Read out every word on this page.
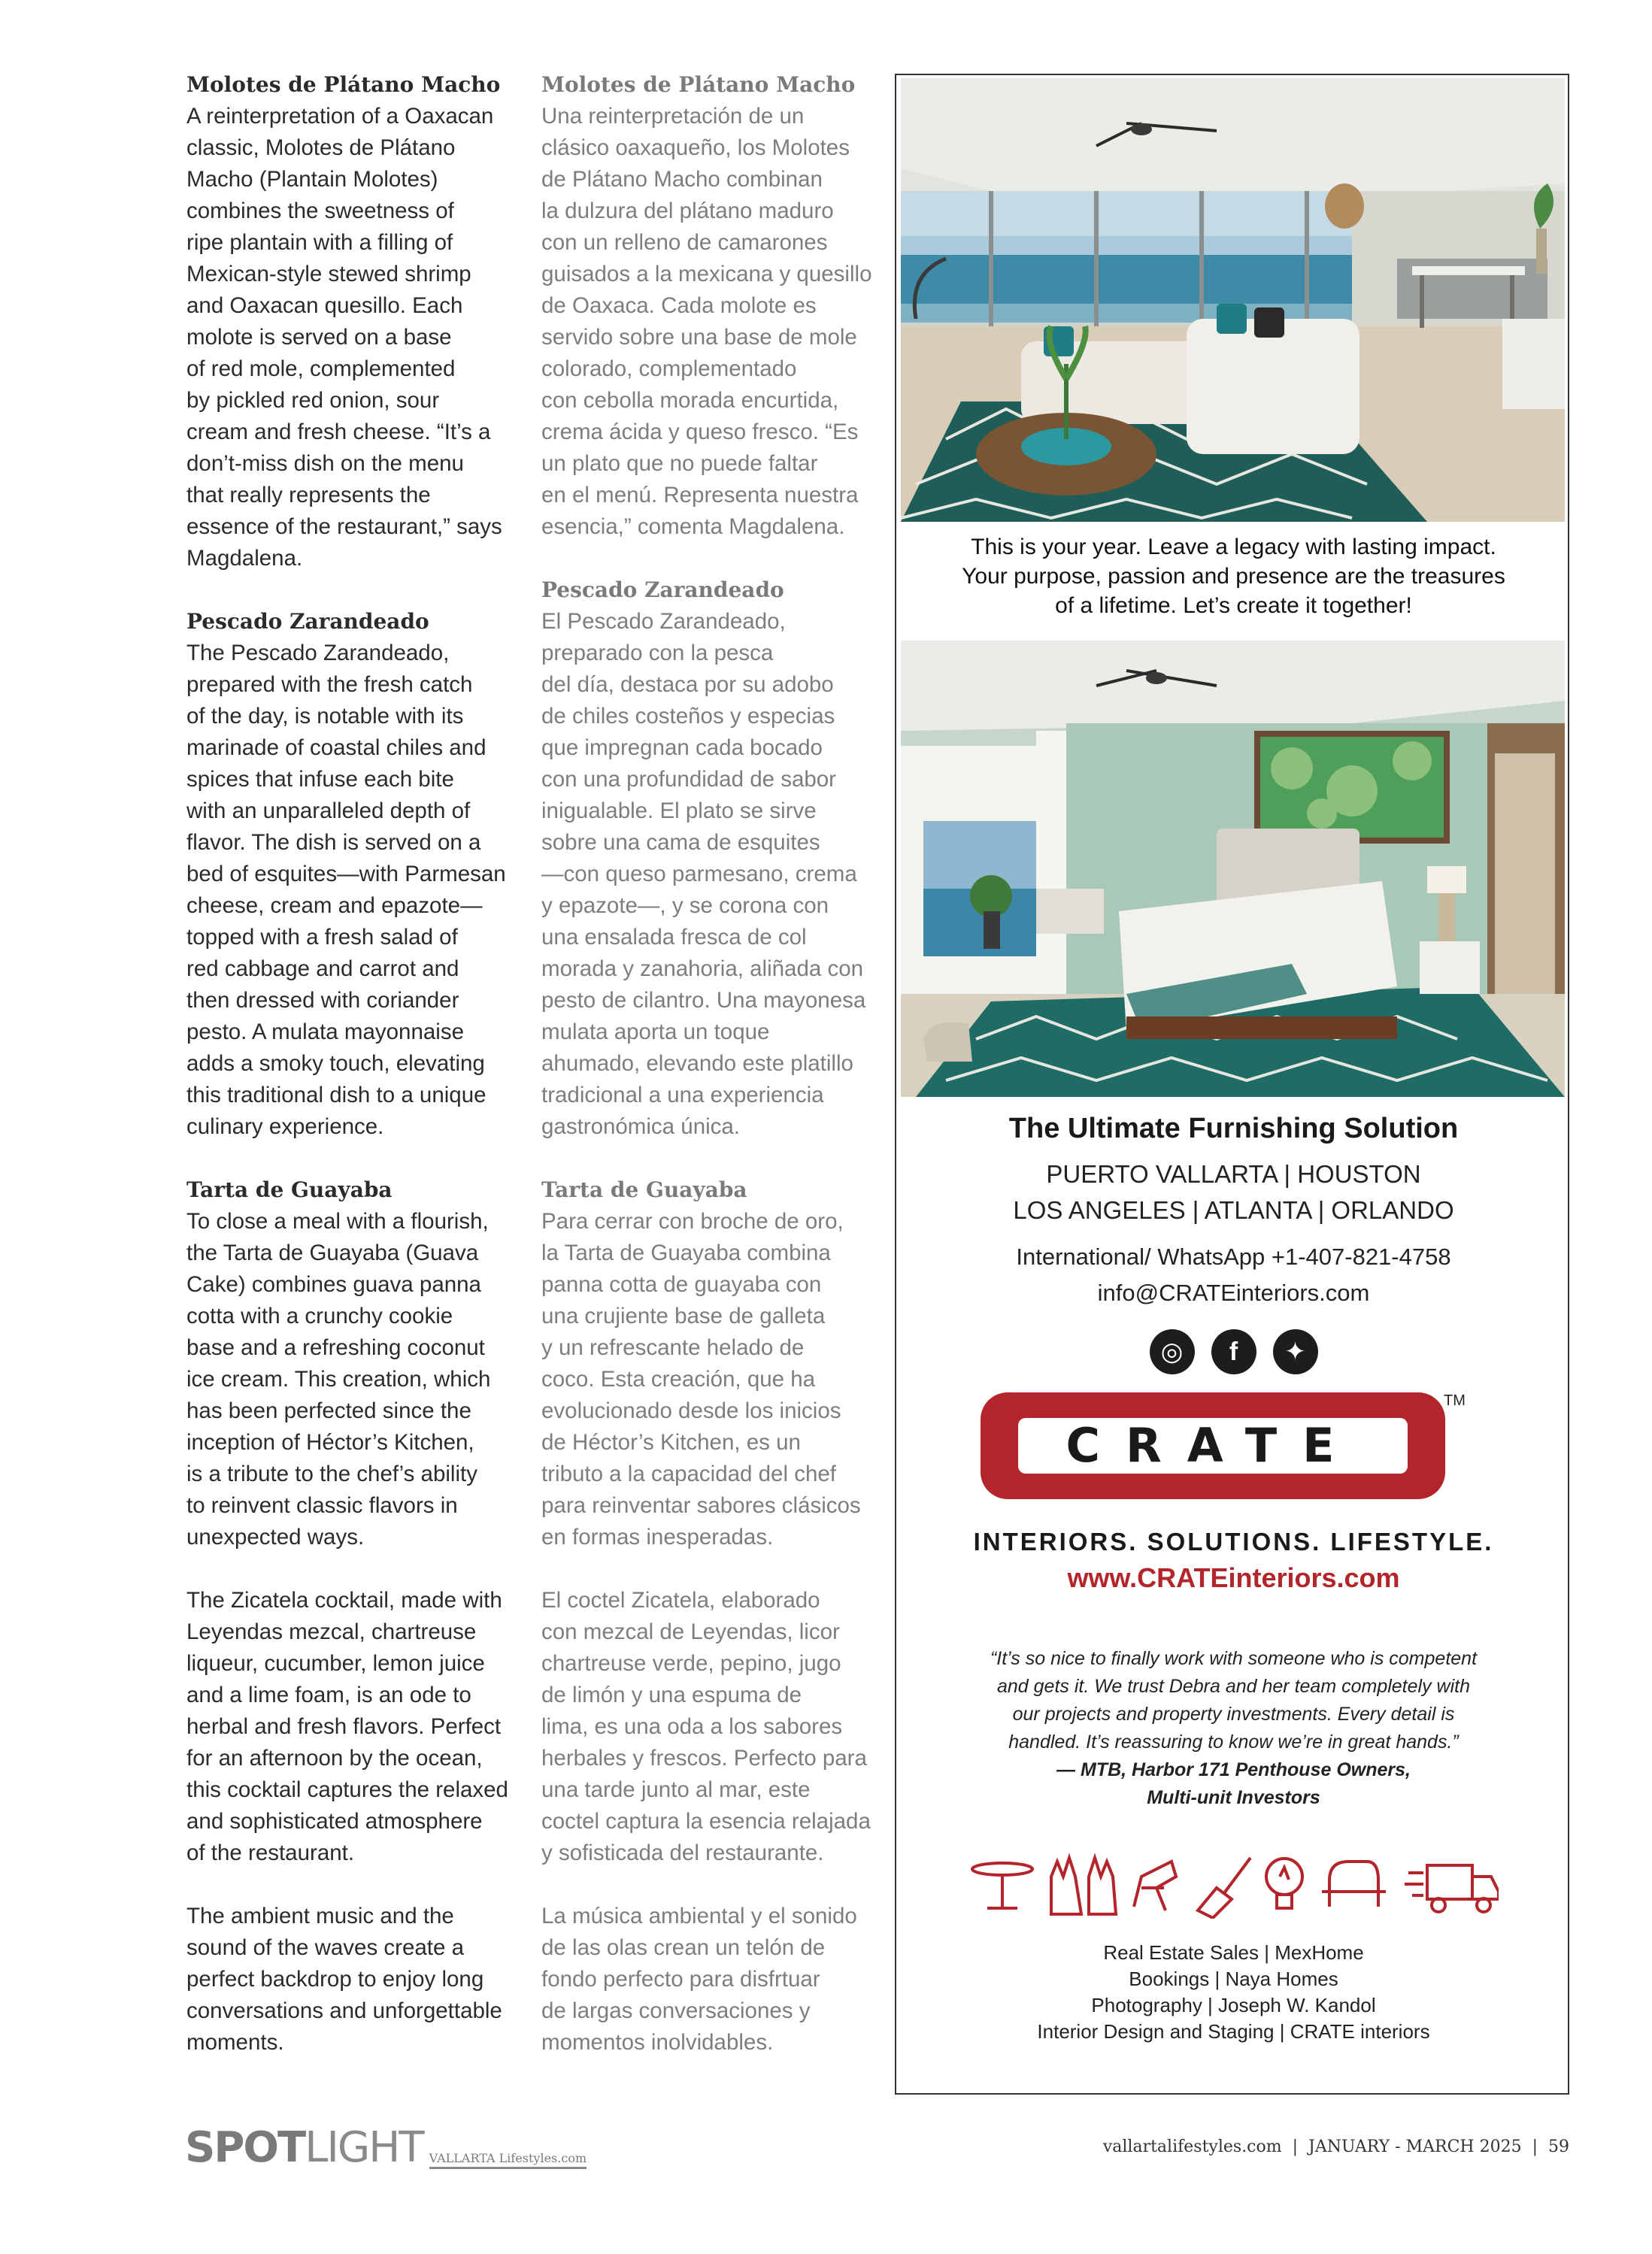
Molotes de Plátano Macho

A reinterpretation of a Oaxacan
classic, Molotes de Plátano
Macho (Plantain Molotes)
combines the sweetness of
ripe plantain with a filling of
Mexican-style stewed shrimp
and Oaxacan quesillo. Each
molote is served on a base
of red mole, complemented
by pickled red onion, sour
cream and fresh cheese. “It’s a
don’t-miss dish on the menu
that really represents the
essence of the restaurant,” says
Magdalena.

Pescado Zarandeado

The Pescado Zarandeado,
prepared with the fresh catch
of the day, is notable with its
marinade of coastal chiles and
spices that infuse each bite
with an unparalleled depth of
flavor. The dish is served on a
bed of esquites—with Parmesan
cheese, cream and epazote—
topped with a fresh salad of
red cabbage and carrot and
then dressed with coriander
pesto. A mulata mayonnaise
adds a smoky touch, elevating
this traditional dish to a unique
culinary experience.

Tarta de Guayaba

To close a meal with a flourish,
the Tarta de Guayaba (Guava
Cake) combines guava panna
cotta with a crunchy cookie
base and a refreshing coconut
ice cream. This creation, which
has been perfected since the
inception of Héctor’s Kitchen,
is a tribute to the chef’s ability
to reinvent classic flavors in
unexpected ways.

The Zicatela cocktail, made with
Leyendas mezcal, chartreuse
liqueur, cucumber, lemon juice
and a lime foam, is an ode to
herbal and fresh flavors. Perfect
for an afternoon by the ocean,
this cocktail captures the relaxed
and sophisticated atmosphere
of the restaurant.

The ambient music and the
sound of the waves create a
perfect backdrop to enjoy long
conversations and unforgettable
moments.

Molotes de Plátano Macho

Una reinterpretación de un
clásico oaxaqueño, los Molotes
de Plátano Macho combinan
la dulzura del plátano maduro
con un relleno de camarones
guisados a la mexicana y quesillo
de Oaxaca. Cada molote es
servido sobre una base de mole
colorado, complementado
con cebolla morada encurtida,
crema ácida y queso fresco. “Es
un plato que no puede faltar
en el menú. Representa nuestra
esencia,” comenta Magdalena.

Pescado Zarandeado

El Pescado Zarandeado,
preparado con la pesca
del día, destaca por su adobo
de chiles costeños y especias
que impregnan cada bocado
con una profundidad de sabor
inigualable. El plato se sirve
sobre una cama de esquites
—con queso parmesano, crema
y epazote—, y se corona con
una ensalada fresca de col
morada y zanahoria, aliñada con
pesto de cilantro. Una mayonesa
mulata aporta un toque
ahumado, elevando este platillo
tradicional a una experiencia
gastronómica única.

Tarta de Guayaba

Para cerrar con broche de oro,
la Tarta de Guayaba combina
panna cotta de guayaba con
una crujiente base de galleta
y un refrescante helado de
coco. Esta creación, que ha
evolucionado desde los inicios
de Héctor’s Kitchen, es un
tributo a la capacidad del chef
para reinventar sabores clásicos
en formas inesperadas.

El coctel Zicatela, elaborado
con mezcal de Leyendas, licor
chartreuse verde, pepino, jugo
de limón y una espuma de
lima, es una oda a los sabores
herbales y frescos. Perfecto para
una tarde junto al mar, este
coctel captura la esencia relajada
y sofisticada del restaurante.

La música ambiental y el sonido
de las olas crean un telón de
fondo perfecto para disfrtuar
de largas conversaciones y
momentos inolvidables.

This is your year. Leave a legacy with lasting impact.
Your purpose, passion and presence are the treasures
of a lifetime. Let’s create it together!
The Ultimate Furnishing Solution
PUERTO VALLARTA | HOUSTON
LOS ANGELES | ATLANTA | ORLANDO
International/ WhatsApp +1-407-821-4758
info@CRATEinteriors.com
◎	f	✦
CRATE
TM
INTERIORS. SOLUTIONS. LIFESTYLE.
www.CRATEinteriors.com
“It’s so nice to finally work with someone who is competent
and gets it. We trust Debra and her team completely with
our projects and property investments. Every detail is
handled. It’s reassuring to know we’re in great hands.”
— MTB, Harbor 171 Penthouse Owners,
Multi-unit Investors
Real Estate Sales | MexHome
Bookings | Naya Homes
Photography | Joseph W. Kandol
Interior Design and Staging | CRATE interiors
SPOTLIGHT VALLARTA Lifestyles.com
vallartalifestyles.com | JANUARY - MARCH 2025 | 59
